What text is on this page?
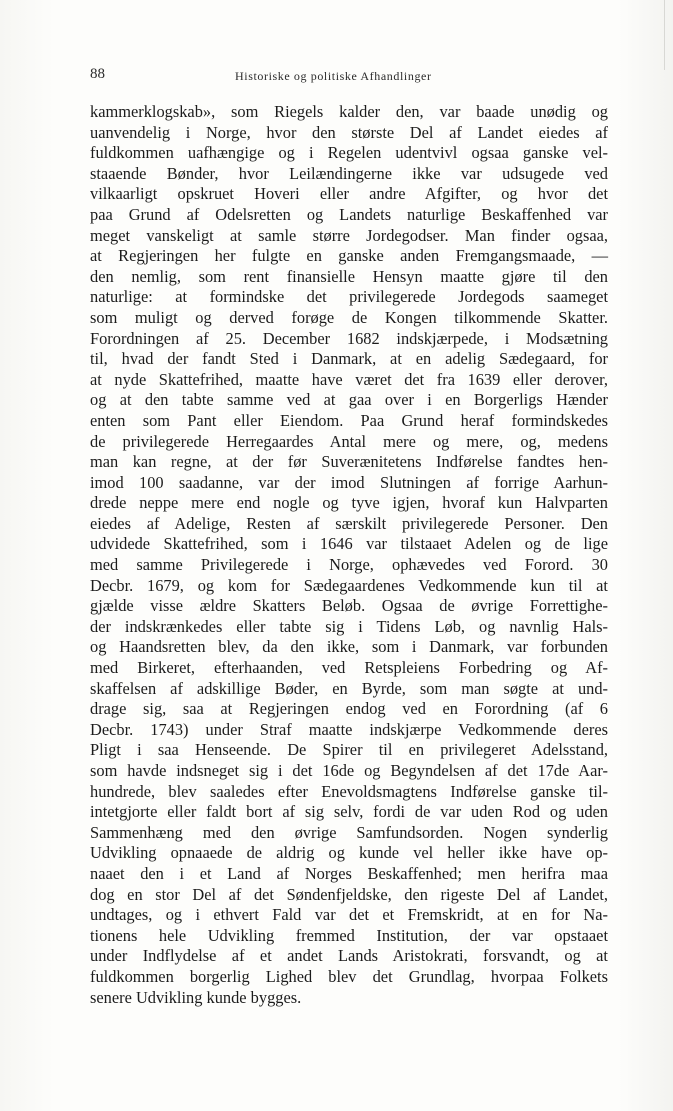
88	Historiske og politiske Afhandlinger
kammerklogskab», som Riegels kalder den, var baade unødig og
uanvendelig i Norge, hvor den største Del af Landet eiedes af
fuldkommen uafhængige og i Regelen udentvivl ogsaa ganske vel-
staaende Bønder, hvor Leilændingerne ikke var udsugede ved
vilkaarligt opskruet Hoveri eller andre Afgifter, og hvor det
paa Grund af Odelsretten og Landets naturlige Beskaffenhed var
meget vanskeligt at samle større Jordegodser. Man finder ogsaa,
at Regjeringen her fulgte en ganske anden Fremgangsmaade, —
den nemlig, som rent finansielle Hensyn maatte gjøre til den
naturlige: at formindske det privilegerede Jordegods saameget
som muligt og derved forøge de Kongen tilkommende Skatter.
Forordningen af 25. December 1682 indskjærpede, i Modsætning
til, hvad der fandt Sted i Danmark, at en adelig Sædegaard, for
at nyde Skattefrihed, maatte have været det fra 1639 eller derover,
og at den tabte samme ved at gaa over i en Borgerligs Hænder
enten som Pant eller Eiendom. Paa Grund heraf formindskedes
de privilegerede Herregaardes Antal mere og mere, og, medens
man kan regne, at der før Suverænitetens Indførelse fandtes hen-
imod 100 saadanne, var der imod Slutningen af forrige Aarhun-
drede neppe mere end nogle og tyve igjen, hvoraf kun Halvparten
eiedes af Adelige, Resten af særskilt privilegerede Personer. Den
udvidede Skattefrihed, som i 1646 var tilstaaet Adelen og de lige
med samme Privilegerede i Norge, ophævedes ved Forord. 30
Decbr. 1679, og kom for Sædegaardenes Vedkommende kun til at
gjælde visse ældre Skatters Beløb. Ogsaa de øvrige Forrettighe-
der indskrænkedes eller tabte sig i Tidens Løb, og navnlig Hals-
og Haandsretten blev, da den ikke, som i Danmark, var forbunden
med Birkeret, efterhaanden, ved Retspleiens Forbedring og Af-
skaffelsen af adskillige Bøder, en Byrde, som man søgte at und-
drage sig, saa at Regjeringen endog ved en Forordning (af 6
Decbr. 1743) under Straf maatte indskjærpe Vedkommende deres
Pligt i saa Henseende. De Spirer til en privilegeret Adelsstand,
som havde indsneget sig i det 16de og Begyndelsen af det 17de Aar-
hundrede, blev saaledes efter Enevoldsmagtens Indførelse ganske til-
intetgjorte eller faldt bort af sig selv, fordi de var uden Rod og uden
Sammenhæng med den øvrige Samfundsorden. Nogen synderlig
Udvikling opnaaede de aldrig og kunde vel heller ikke have op-
naaet den i et Land af Norges Beskaffenhed; men herifra maa
dog en stor Del af det Søndenfjeldske, den rigeste Del af Landet,
undtages, og i ethvert Fald var det et Fremskridt, at en for Na-
tionens hele Udvikling fremmed Institution, der var opstaaet
under Indflydelse af et andet Lands Aristokrati, forsvandt, og at
fuldkommen borgerlig Lighed blev det Grundlag, hvorpaa Folkets
senere Udvikling kunde bygges.
